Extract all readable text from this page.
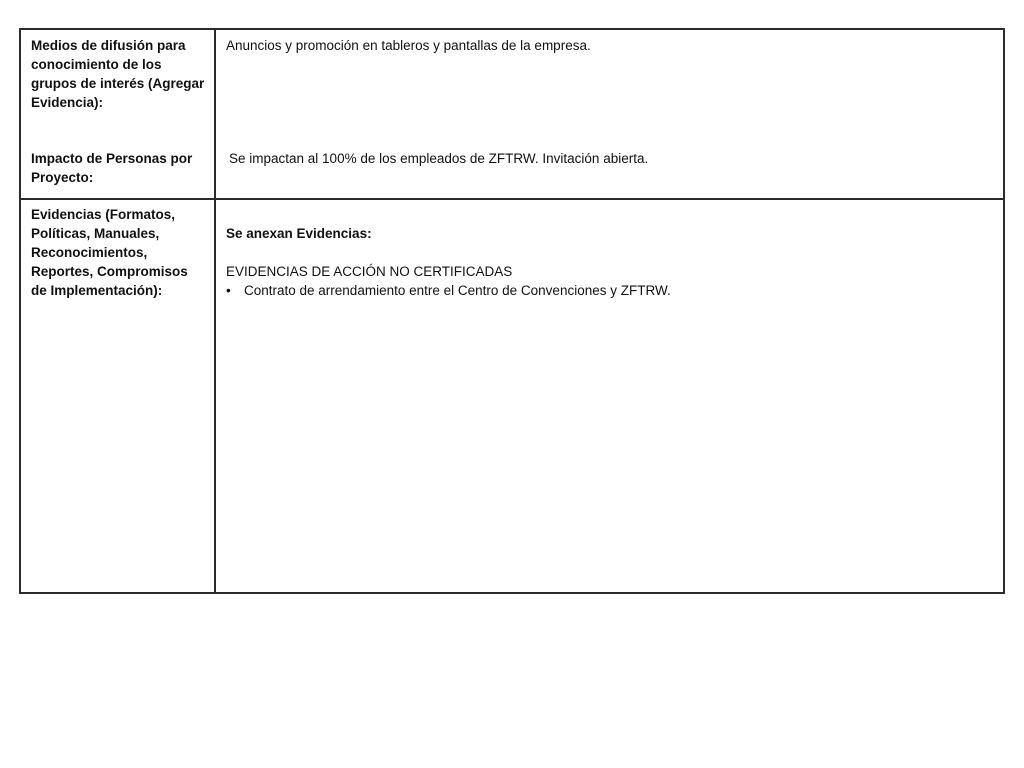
Medios de difusión para
conocimiento de los
grupos de interés (Agregar
Evidencia):
Impacto de Personas por
Proyecto:
Anuncios y promoción en tableros y pantallas de la empresa.
Se impactan al 100% de los empleados de ZFTRW. Invitación abierta.
Evidencias (Formatos,
Políticas, Manuales,
Reconocimientos,
Reportes, Compromisos
de Implementación):
Se anexan Evidencias:
EVIDENCIAS DE ACCIÓN NO CERTIFICADAS
• Contrato de arrendamiento entre el Centro de Convenciones y ZFTRW.
